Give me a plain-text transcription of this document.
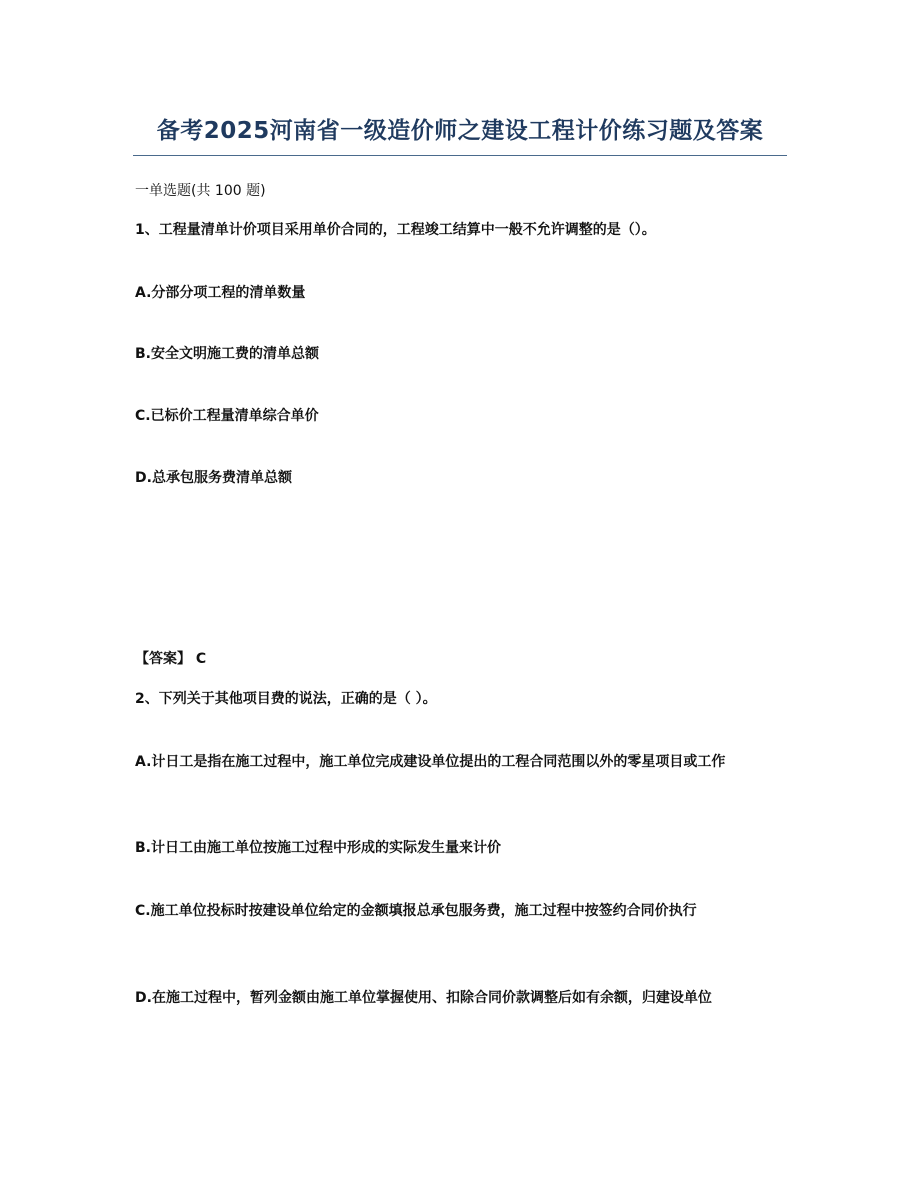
备考2025河南省一级造价师之建设工程计价练习题及答案
一单选题(共 100 题)
1、工程量清单计价项目采用单价合同的，工程竣工结算中一般不允许调整的是（）。
A.分部分项工程的清单数量
B.安全文明施工费的清单总额
C.已标价工程量清单综合单价
D.总承包服务费清单总额
【答案】 C
2、下列关于其他项目费的说法，正确的是（ ）。
A.计日工是指在施工过程中，施工单位完成建设单位提出的工程合同范围以外的零星项目或工作
B.计日工由施工单位按施工过程中形成的实际发生量来计价
C.施工单位投标时按建设单位给定的金额填报总承包服务费，施工过程中按签约合同价执行
D.在施工过程中，暂列金额由施工单位掌握使用、扣除合同价款调整后如有余额，归建设单位
